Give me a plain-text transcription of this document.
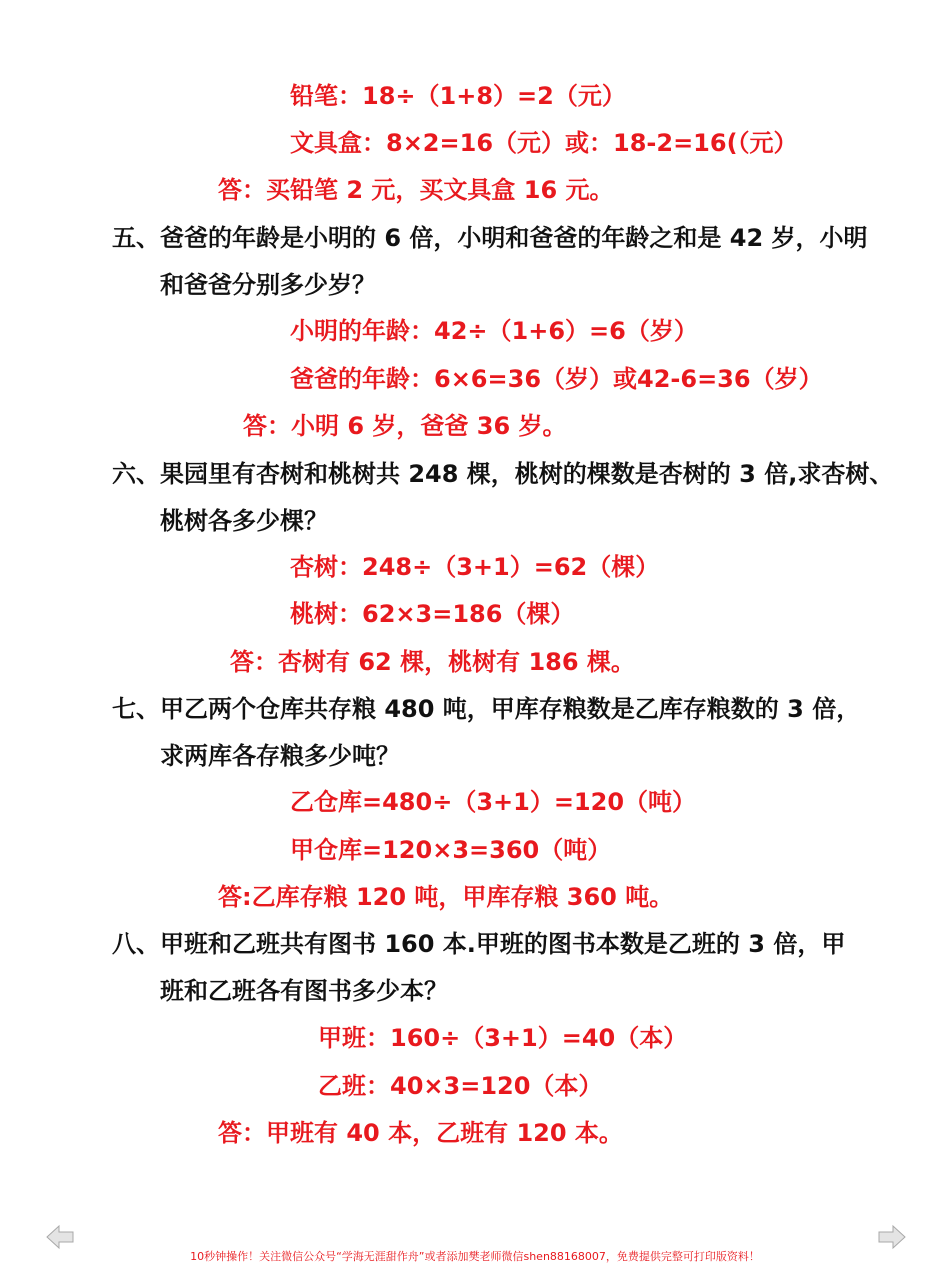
铅笔：18÷（1+8）=2（元）
文具盒：8×2=16（元）或：18-2=16(（元）
答：买铅笔 2 元，买文具盒 16 元。
五、爸爸的年龄是小明的 6 倍，小明和爸爸的年龄之和是 42 岁，小明
和爸爸分别多少岁？
小明的年龄：42÷（1+6）=6（岁）
爸爸的年龄：6×6=36（岁）或42-6=36（岁）
答：小明 6 岁，爸爸 36 岁。
六、果园里有杏树和桃树共 248 棵，桃树的棵数是杏树的 3 倍,求杏树、
桃树各多少棵？
杏树：248÷（3+1）=62（棵）
桃树：62×3=186（棵）
答：杏树有 62 棵，桃树有 186 棵。
七、甲乙两个仓库共存粮 480 吨，甲库存粮数是乙库存粮数的 3 倍，
求两库各存粮多少吨？
乙仓库=480÷（3+1）=120（吨）
甲仓库=120×3=360（吨）
答:乙库存粮 120 吨，甲库存粮 360 吨。
八、甲班和乙班共有图书 160 本.甲班的图书本数是乙班的 3 倍，甲
班和乙班各有图书多少本？
甲班：160÷（3+1）=40（本）
乙班：40×3=120（本）
答：甲班有 40 本，乙班有 120 本。
10秒钟操作！关注微信公众号“学海无涯甜作舟”或者添加樊老师微信shen88168007，免费提供完整可打印版资料！
